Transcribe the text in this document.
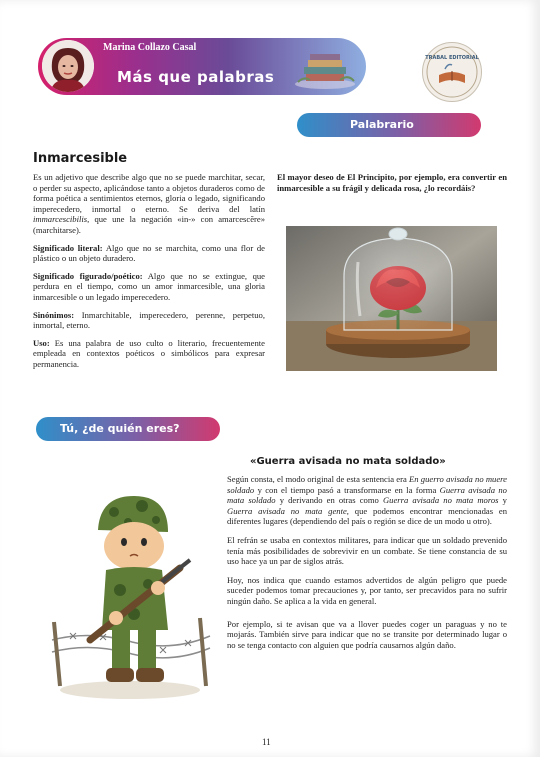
Marina Collazo Casal
Más que palabras
TRABAL EDITORIAL
Palabrario
Inmarcesible

Es un adjetivo que describe algo que no se puede marchitar, secar, o perder su aspecto, aplicándose tanto a objetos duraderos como de forma poética a sentimientos eternos, gloria o legado, significando imperecedero, inmortal o eterno. Se deriva del latín immarcescibilis, que une la negación «in-» con amarcescĕre» (marchitarse).

Significado literal: Algo que no se marchita, como una flor de plástico o un objeto duradero.

Significado figurado/poético: Algo que no se extingue, que perdura en el tiempo, como un amor inmarcesible, una gloria inmarcesible o un legado imperecedero.

Sinónimos: Inmarchitable, imperecedero, perenne, perpetuo, inmortal, eterno.

Uso: Es una palabra de uso culto o literario, frecuentemente empleada en contextos poéticos o simbólicos para expresar permanencia.

El mayor deseo de El Principito, por ejemplo, era convertir en inmarcesible a su frágil y delicada rosa, ¿lo recordáis?
Tú, ¿de quién eres?
«Guerra avisada no mata soldado»

Según consta, el modo original de esta sentencia era En guerro avisada no muere soldado y con el tiempo pasó a transformarse en la forma Guerra avisada no mata soldado y derivando en otras como Guerra avisada no mata moros y Guerra avisada no mata gente, que podemos encontrar mencionadas en diferentes lugares (dependiendo del país o región se dice de un modo u otro).

El refrán se usaba en contextos militares, para indicar que un soldado prevenido tenía más posibilidades de sobrevivir en un combate. Se tiene constancia de su uso hace ya un par de siglos atrás.

Hoy, nos indica que cuando estamos advertidos de algún peligro que puede suceder podemos tomar precauciones y, por tanto, ser precavidos para no sufrir ningún daño. Se aplica a la vida en general.

Por ejemplo, si te avisan que va a llover puedes coger un paraguas y no te mojarás. También sirve para indicar que no se transite por determinado lugar o no se tenga contacto con alguien que podría causarnos algún daño.

11
